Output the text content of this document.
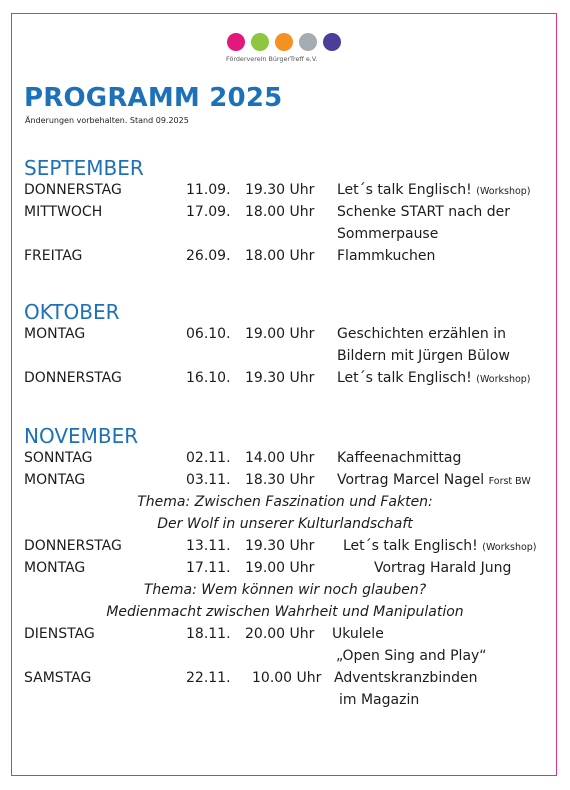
Förderverein BürgerTreff e.V.
PROGRAMM 2025
Änderungen vorbehalten. Stand 09.2025
SEPTEMBER
DONNERSTAG	11.09. 19.30 Uhr Let´s talk Englisch! (Workshop)
MITTWOCH	17.09. 18.00 Uhr Schenke START nach der
Sommerpause
FREITAG	26.09. 18.00 Uhr Flammkuchen
OKTOBER
MONTAG	06.10. 19.00 Uhr Geschichten erzählen in
Bildern mit Jürgen Bülow
DONNERSTAG	16.10. 19.30 Uhr Let´s talk Englisch! (Workshop)
NOVEMBER
SONNTAG	02.11. 14.00 Uhr Kaffeenachmittag
MONTAG	03.11. 18.30 Uhr Vortrag Marcel Nagel Forst BW
Thema: Zwischen Faszination und Fakten:
Der Wolf in unserer Kulturlandschaft
DONNERSTAG	13.11. 19.30 Uhr Let´s talk Englisch! (Workshop)
MONTAG	17.11. 19.00 Uhr	Vortrag Harald Jung
Thema: Wem können wir noch glauben?
Medienmacht zwischen Wahrheit und Manipulation
DIENSTAG	18.11. 20.00 Uhr Ukulele
„Open Sing and Play“
SAMSTAG	22.11. 10.00 Uhr Adventskranzbinden
im Magazin
